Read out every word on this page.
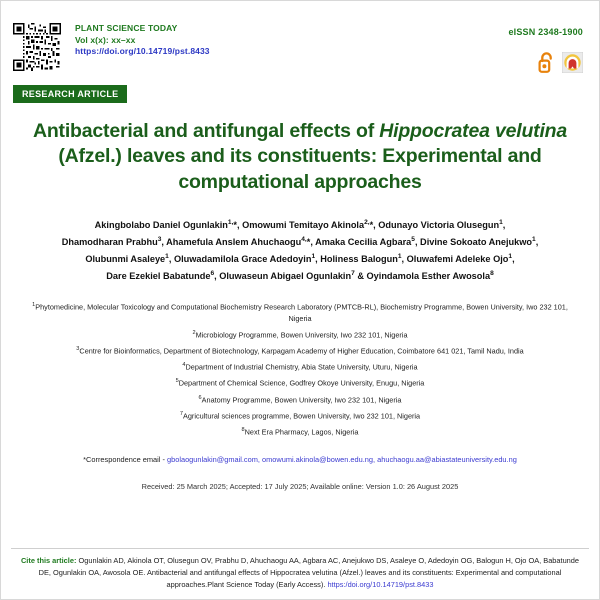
PLANT SCIENCE TODAY
Vol x(x): xx–xx
https://doi.org/10.14719/pst.8433
eISSN 2348-1900
RESEARCH ARTICLE
Antibacterial and antifungal effects of Hippocratea velutina (Afzel.) leaves and its constituents: Experimental and computational approaches
Akingbolabo Daniel Ogunlakin$^{1,}$*, Omowumi Temitayo Akinola$^{2,}$*, Odunayo Victoria Olusegun$^1$,
Dhamodharan Prabhu$^3$, Ahamefula Anslem Ahuchaogu$^{4,}$*, Amaka Cecilia Agbara$^5$, Divine Sokoato Anejukwo$^1$,
Olubunmi Asaleye$^1$, Oluwadamilola Grace Adedoyin$^1$, Holiness Balogun$^1$, Oluwafemi Adeleke Ojo$^1$,
Dare Ezekiel Babatunde$^6$, Oluwaseun Abigael Ogunlakin$^7$ & Oyindamola Esther Awosola$^8$
$^1$Phytomedicine, Molecular Toxicology and Computational Biochemistry Research Laboratory (PMTCB-RL), Biochemistry Programme, Bowen University, Iwo 232 101, Nigeria
$^2$Microbiology Programme, Bowen University, Iwo 232 101, Nigeria
$^3$Centre for Bioinformatics, Department of Biotechnology, Karpagam Academy of Higher Education, Coimbatore 641 021, Tamil Nadu, India
$^4$Department of Industrial Chemistry, Abia State University, Uturu, Nigeria
$^5$Department of Chemical Science, Godfrey Okoye University, Enugu, Nigeria
$^6$Anatomy Programme, Bowen University, Iwo 232 101, Nigeria
$^7$Agricultural sciences programme, Bowen University, Iwo 232 101, Nigeria
$^8$Next Era Pharmacy, Lagos, Nigeria
*Correspondence email - gbolaogunlakin@gmail.com, omowumi.akinola@bowen.edu.ng, ahuchaogu.aa@abiastateuniversity.edu.ng
Received: 25 March 2025; Accepted: 17 July 2025; Available online: Version 1.0: 26 August 2025
Cite this article: Ogunlakin AD, Akinola OT, Olusegun OV, Prabhu D, Ahuchaogu AA, Agbara AC, Anejukwo DS, Asaleye O, Adedoyin OG, Balogun H, Ojo OA, Babatunde DE, Ogunlakin OA, Awosola OE. Antibacterial and antifungal effects of Hippocratea velutina (Afzel.) leaves and its constituents: Experimental and computational approaches.Plant Science Today (Early Access). https:/doi.org/10.14719/pst.8433
